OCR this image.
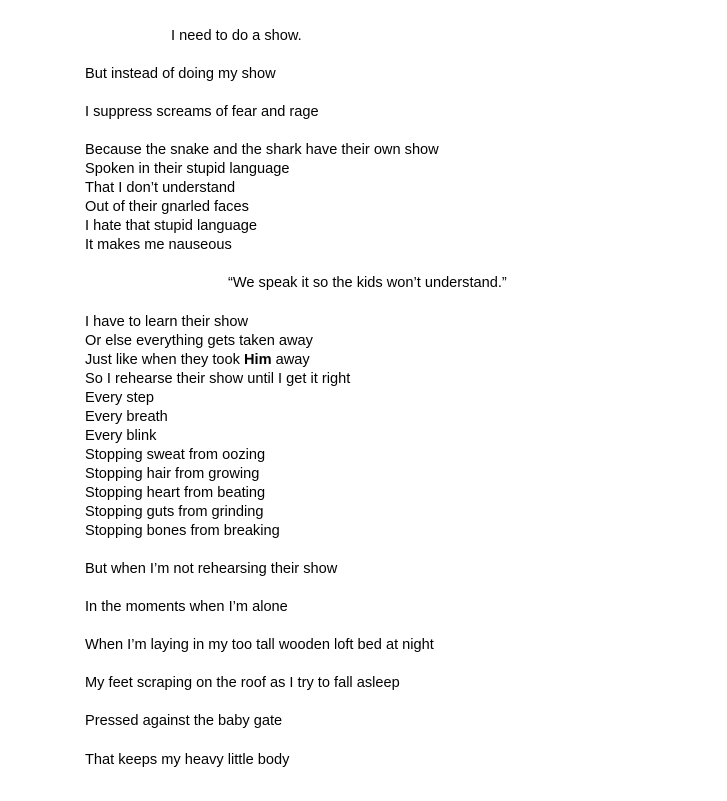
I need to do a show.
But instead of doing my show
I suppress screams of fear and rage
Because the snake and the shark have their own show
Spoken in their stupid language
That I don’t understand
Out of their gnarled faces
I hate that stupid language
It makes me nauseous
“We speak it so the kids won’t understand.”
I have to learn their show
Or else everything gets taken away
Just like when they took Him away
So I rehearse their show until I get it right
Every step
Every breath
Every blink
Stopping sweat from oozing
Stopping hair from growing
Stopping heart from beating
Stopping guts from grinding
Stopping bones from breaking
But when I’m not rehearsing their show
In the moments when I’m alone
When I’m laying in my too tall wooden loft bed at night
My feet scraping on the roof as I try to fall asleep
Pressed against the baby gate
That keeps my heavy little body
